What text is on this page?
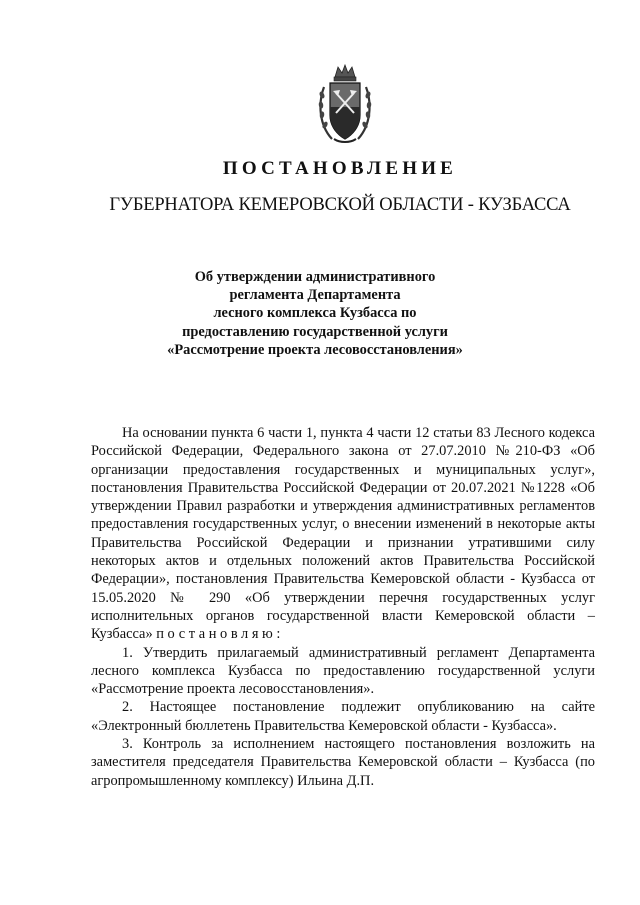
ПОСТАНОВЛЕНИЕ
ГУБЕРНАТОРА КЕМЕРОВСКОЙ ОБЛАСТИ - КУЗБАССА
Об утверждении административного
регламента Департамента
лесного комплекса Кузбасса по
предоставлению государственной услуги
«Рассмотрение проекта лесовосстановления»

На основании пункта 6 части 1, пункта 4 части 12 статьи 83 Лесного кодекса Российской Федерации, Федерального закона от 27.07.2010 №210-ФЗ «Об организации предоставления государственных и муниципальных услуг», постановления Правительства Российской Федерации от 20.07.2021 №1228 «Об утверждении Правил разработки и утверждения административных регламентов предоставления государственных услуг, о внесении изменений в некоторые акты Правительства Российской Федерации и признании утратившими силу некоторых актов и отдельных положений актов Правительства Российской Федерации», постановления Правительства Кемеровской области - Кузбасса от 15.05.2020 № 290 «Об утверждении перечня государственных услуг исполнительных органов государственной власти Кемеровской области – Кузбасса» постановляю:

1. Утвердить прилагаемый административный регламент Департамента лесного комплекса Кузбасса по предоставлению государственной услуги «Рассмотрение проекта лесовосстановления».

2. Настоящее постановление подлежит опубликованию на сайте «Электронный бюллетень Правительства Кемеровской области - Кузбасса».

3. Контроль за исполнением настоящего постановления возложить на заместителя председателя Правительства Кемеровской области – Кузбасса (по агропромышленному комплексу) Ильина Д.П.
